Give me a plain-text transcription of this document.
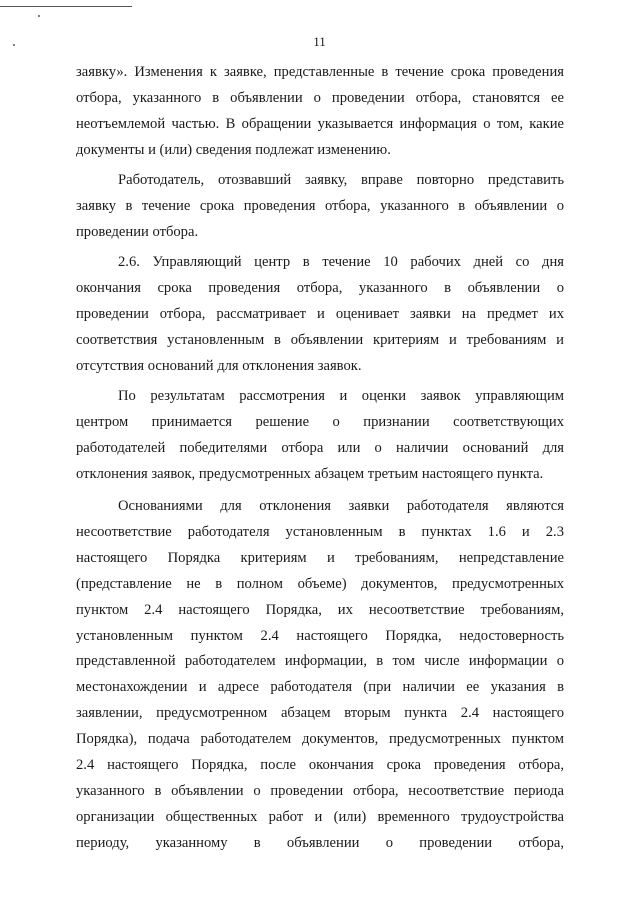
11

заявку». Изменения к заявке, представленные в течение срока проведения

отбора, указанного в объявлении о проведении отбора, становятся ее

неотъемлемой частью. В обращении указывается информация о том, какие

документы и (или) сведения подлежат изменению.

Работодатель, отозвавший заявку, вправе повторно представить

заявку в течение срока проведения отбора, указанного в объявлении о

проведении отбора.

2.6. Управляющий центр в течение 10 рабочих дней со дня

окончания срока проведения отбора, указанного в объявлении о

проведении отбора, рассматривает и оценивает заявки на предмет их

соответствия установленным в объявлении критериям и требованиям и

отсутствия оснований для отклонения заявок.

По результатам рассмотрения и оценки заявок управляющим

центром принимается решение о признании соответствующих

работодателей победителями отбора или о наличии оснований для

отклонения заявок, предусмотренных абзацем третьим настоящего пункта.

Основаниями для отклонения заявки работодателя являются

несоответствие работодателя установленным в пунктах 1.6 и 2.3

настоящего Порядка критериям и требованиям, непредставление

(представление не в полном объеме) документов, предусмотренных

пунктом 2.4 настоящего Порядка, их несоответствие требованиям,

установленным пунктом 2.4 настоящего Порядка, недостоверность

представленной работодателем информации, в том числе информации о

местонахождении и адресе работодателя (при наличии ее указания в

заявлении, предусмотренном абзацем вторым пункта 2.4 настоящего

Порядка), подача работодателем документов, предусмотренных пунктом

2.4 настоящего Порядка, после окончания срока проведения отбора,

указанного в объявлении о проведении отбора, несоответствие периода

организации общественных работ и (или) временного трудоустройства

периоду, указанному в объявлении о проведении отбора,
